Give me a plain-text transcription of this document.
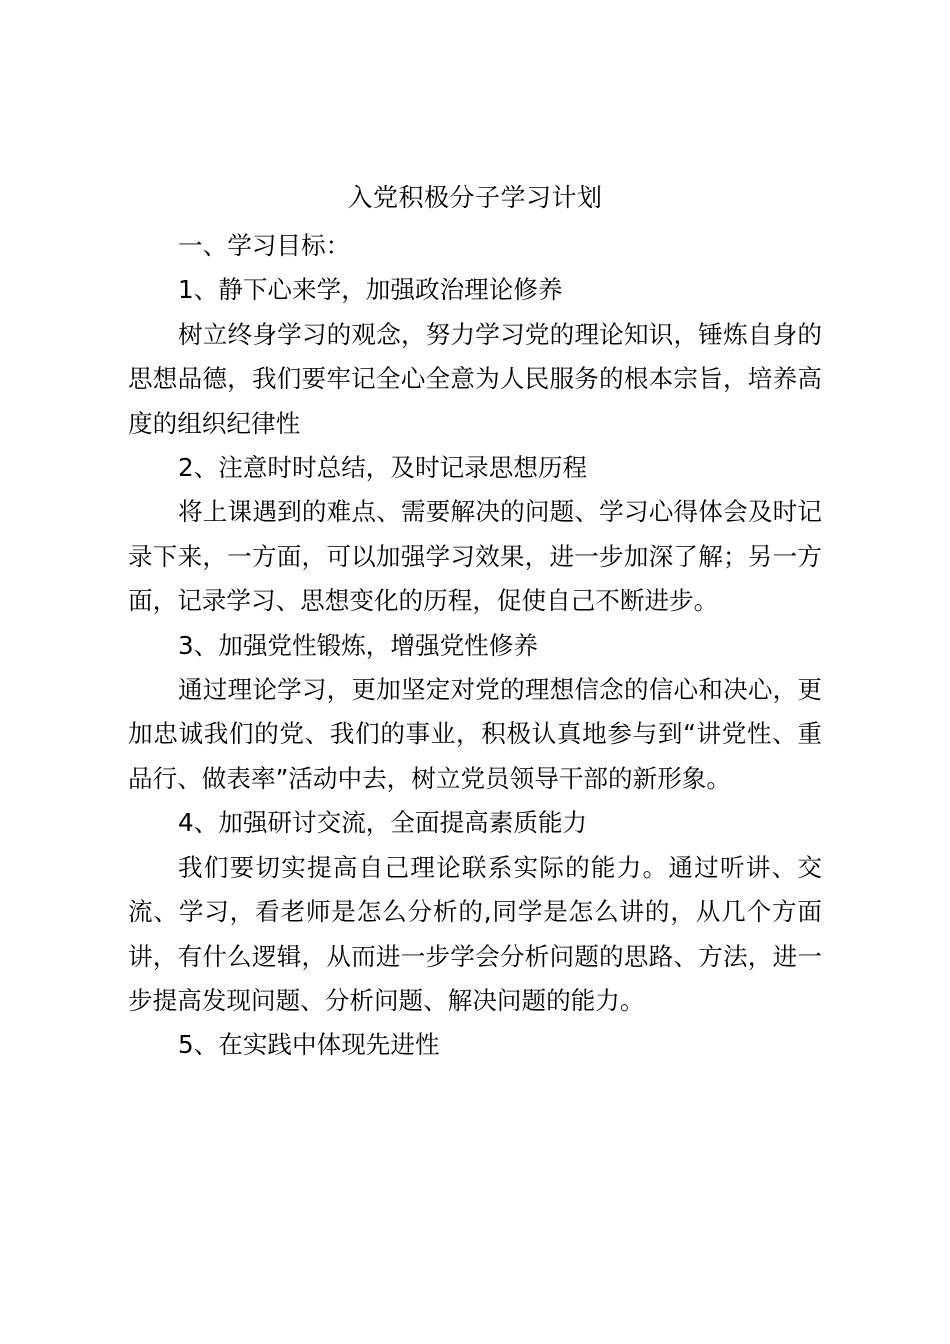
入党积极分子学习计划

一、学习目标：

1、静下心来学，加强政治理论修养

树立终身学习的观念，努力学习党的理论知识，锤炼自身的思想品德，我们要牢记全心全意为人民服务的根本宗旨，培养高度的组织纪律性

2、注意时时总结，及时记录思想历程

将上课遇到的难点、需要解决的问题、学习心得体会及时记录下来，一方面，可以加强学习效果，进一步加深了解；另一方面，记录学习、思想变化的历程，促使自己不断进步。

3、加强党性锻炼，增强党性修养

通过理论学习，更加坚定对党的理想信念的信心和决心，更加忠诚我们的党、我们的事业，积极认真地参与到“讲党性、重品行、做表率”活动中去，树立党员领导干部的新形象。

4、加强研讨交流，全面提高素质能力

我们要切实提高自己理论联系实际的能力。通过听讲、交流、学习，看老师是怎么分析的,同学是怎么讲的，从几个方面讲，有什么逻辑，从而进一步学会分析问题的思路、方法，进一步提高发现问题、分析问题、解决问题的能力。

5、在实践中体现先进性
